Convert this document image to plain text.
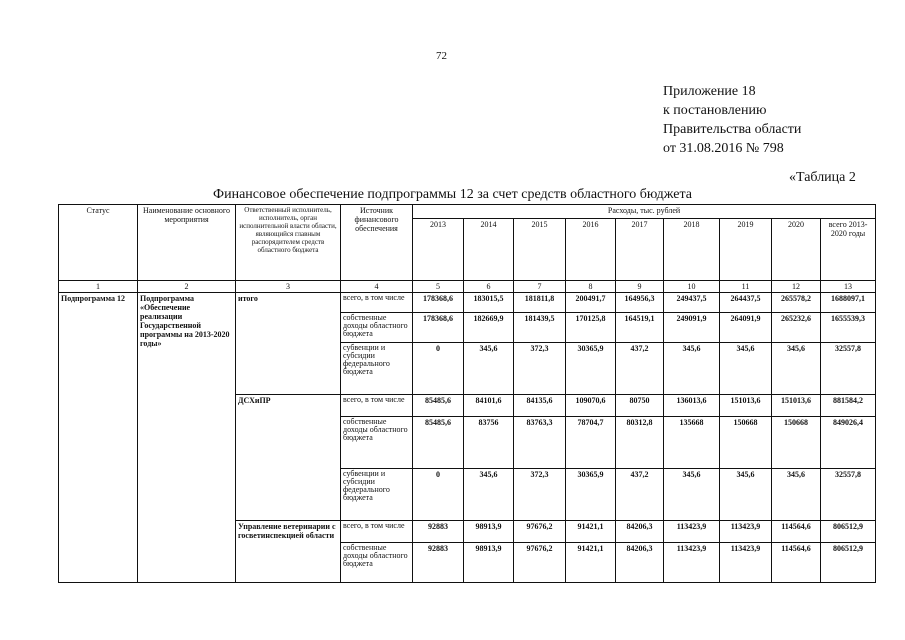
72
Приложение 18
к постановлению
Правительства области
от 31.08.2016 № 798
«Таблица 2
Финансовое обеспечение подпрограммы 12 за счет средств областного бюджета
Статус	Наименование основного мероприятия	Ответственный исполнитель, исполнитель, орган исполнительной власти области, являющийся главным распорядителем средств областного бюджета	Источник финансового обеспечения	Расходы, тыс. рублей								
				2013	2014	2015	2016	2017	2018	2019	2020	всего 2013-2020 годы
1	2	3	4	5	6	7	8	9	10	11	12	13
Подпрограмма 12	Подпрограмма «Обеспечение реализации Государственной программы на 2013-2020 годы»	итого	всего, в том числе	178368,6	183015,5	181811,8	200491,7	164956,3	249437,5	264437,5	265578,2	1688097,1
			собственные доходы областного бюджета	178368,6	182669,9	181439,5	170125,8	164519,1	249091,9	264091,9	265232,6	1655539,3
			субвенции и субсидии федерального бюджета	0	345,6	372,3	30365,9	437,2	345,6	345,6	345,6	32557,8
		ДСХиПР	всего, в том числе	85485,6	84101,6	84135,6	109070,6	80750	136013,6	151013,6	151013,6	881584,2
			собственные доходы областного бюджета	85485,6	83756	83763,3	78704,7	80312,8	135668	150668	150668	849026,4
			субвенции и субсидии федерального бюджета	0	345,6	372,3	30365,9	437,2	345,6	345,6	345,6	32557,8
		Управление ветеринарии с госветинспекцией области	всего, в том числе	92883	98913,9	97676,2	91421,1	84206,3	113423,9	113423,9	114564,6	806512,9
			собственные доходы областного бюджета	92883	98913,9	97676,2	91421,1	84206,3	113423,9	113423,9	114564,6	806512,9
